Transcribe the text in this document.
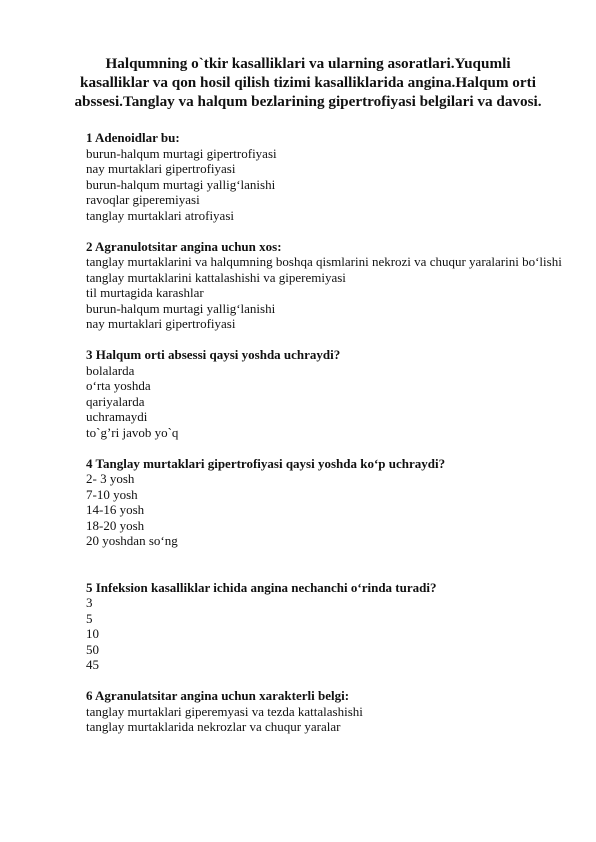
Halqumning o`tkir kasalliklari va ularning asoratlari.Yuqumli kasalliklar va qon hosil qilish tizimi kasalliklarida angina.Halqum orti abssesi.Tanglay va halqum bezlarining gipertrofiyasi belgilari va davosi.

1 Adenoidlar bu:

burun-halqum murtagi gipertrofiyasi
nay murtaklari gipertrofiyasi
burun-halqum murtagi yallig‘lanishi
ravoqlar giperemiyasi
tanglay murtaklari atrofiyasi

2 Agranulotsitar angina uchun xos:

tanglay murtaklarini va halqumning boshqa qismlarini nekrozi va chuqur yaralarini bo‘lishi
tanglay murtaklarini kattalashishi va giperemiyasi
til murtagida karashlar
burun-halqum murtagi yallig‘lanishi
nay murtaklari gipertrofiyasi

3 Halqum orti absessi qaysi yoshda uchraydi?

bolalarda
o‘rta yoshda
qariyalarda
uchramaydi
to`g’ri javob yo`q

4 Tanglay murtaklari gipertrofiyasi qaysi yoshda ko‘p uchraydi?

2- 3 yosh
7-10 yosh
14-16 yosh
18-20 yosh
20 yoshdan so‘ng

5 Infeksion kasalliklar ichida angina nechanchi o‘rinda turadi?

3
5
10
50
45

6 Agranulatsitar angina uchun xarakterli belgi:

tanglay murtaklari giperemyasi va tezda kattalashishi
tanglay murtaklarida nekrozlar va chuqur yaralar
